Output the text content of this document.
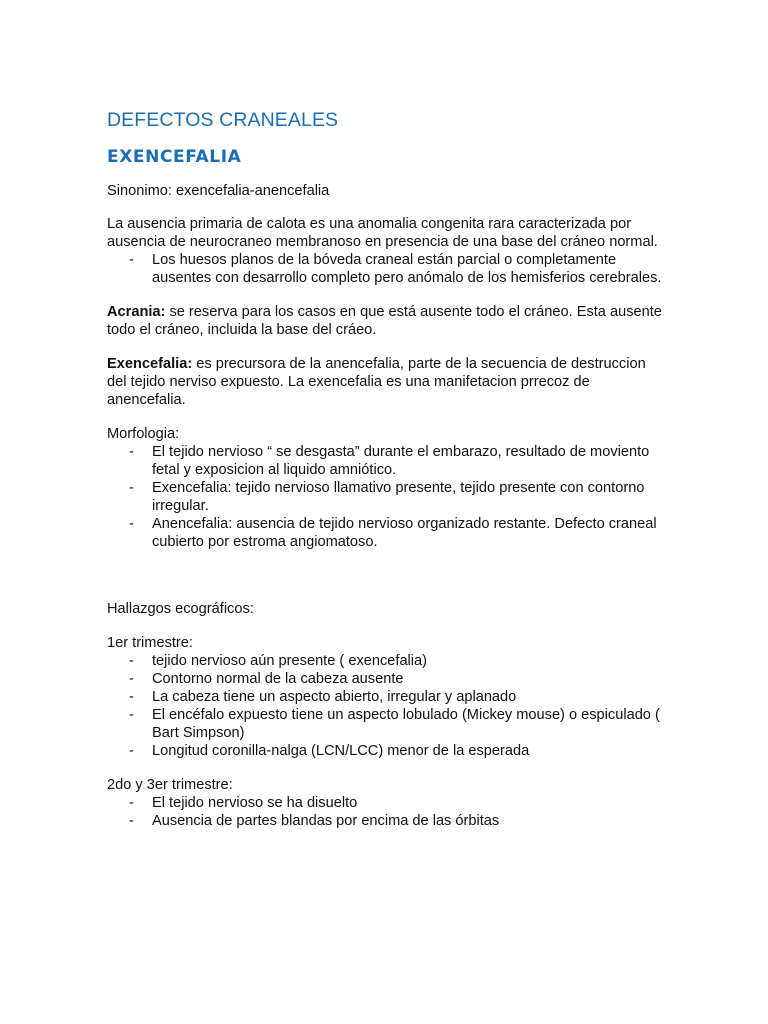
DEFECTOS CRANEALES
EXENCEFALIA

Sinonimo: exencefalia-anencefalia

La ausencia primaria de calota es una anomalia congenita rara caracterizada por ausencia de neurocraneo membranoso en presencia de una base del cráneo normal.

- Los huesos planos de la bóveda craneal están parcial o completamente ausentes con desarrollo completo pero anómalo de los hemisferios cerebrales.

Acrania: se reserva para los casos en que está ausente todo el cráneo. Esta ausente todo el cráneo, incluida la base del cráeo.

Exencefalia: es precursora de la anencefalia, parte de la secuencia de destruccion del tejido nerviso expuesto. La exencefalia es una manifetacion prrecoz de anencefalia.

Morfologia:

- El tejido nervioso “ se desgasta” durante el embarazo, resultado de moviento fetal y exposicion al liquido amniótico.
- Exencefalia: tejido nervioso llamativo presente, tejido presente con contorno irregular.
- Anencefalia: ausencia de tejido nervioso organizado restante. Defecto craneal cubierto por estroma angiomatoso.

Hallazgos ecográficos:

1er trimestre:

- tejido nervioso aún presente ( exencefalia)
- Contorno normal de la cabeza ausente
- La cabeza tiene un aspecto abierto, irregular y aplanado
- El encéfalo expuesto tiene un aspecto lobulado (Mickey mouse) o espiculado ( Bart Simpson)
- Longitud coronilla-nalga (LCN/LCC) menor de la esperada

2do y 3er trimestre:

- El tejido nervioso se ha disuelto
- Ausencia de partes blandas por encima de las órbitas
